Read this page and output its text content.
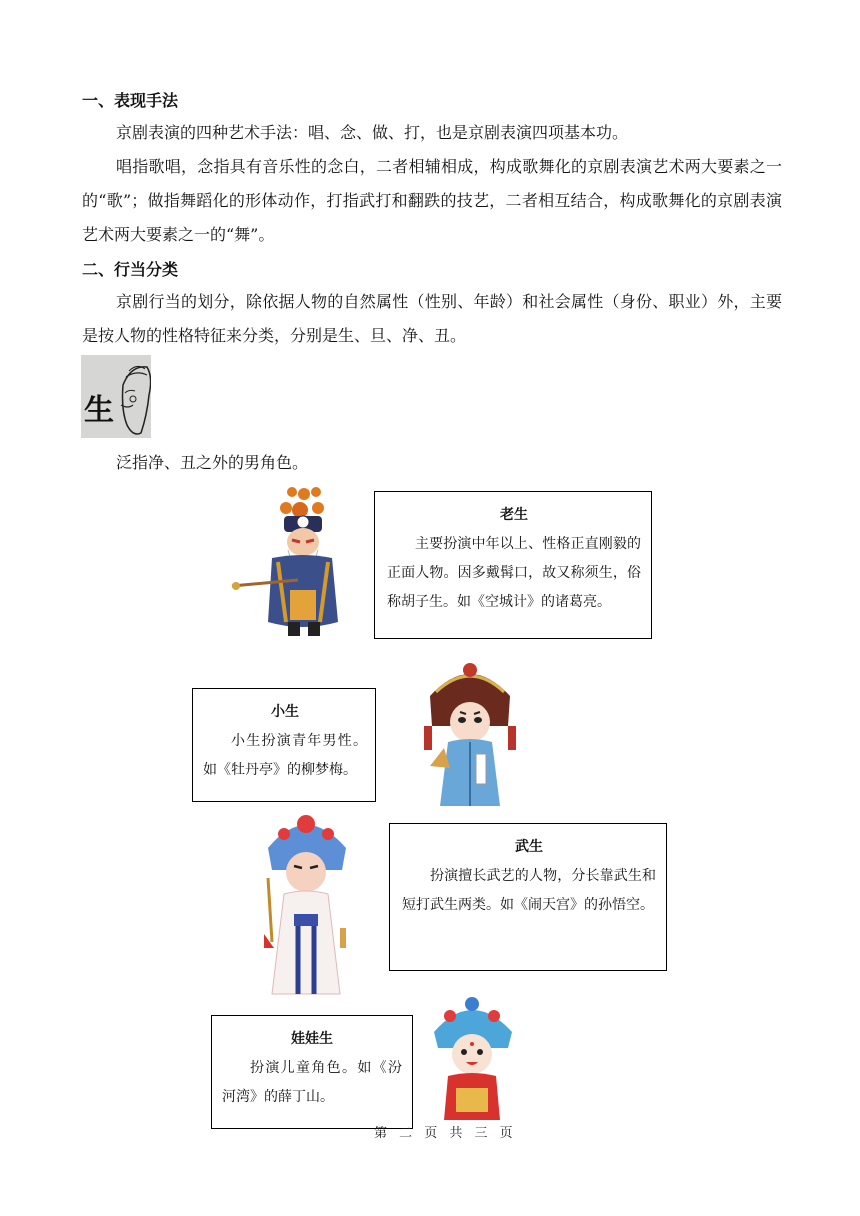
一、表现手法

京剧表演的四种艺术手法：唱、念、做、打，也是京剧表演四项基本功。

唱指歌唱，念指具有音乐性的念白，二者相辅相成，构成歌舞化的京剧表演艺术两大要素之一的“歌”；做指舞蹈化的形体动作，打指武打和翻跌的技艺，二者相互结合，构成歌舞化的京剧表演艺术两大要素之一的“舞”。

二、行当分类

京剧行当的划分，除依据人物的自然属性（性别、年龄）和社会属性（身份、职业）外，主要是按人物的性格特征来分类，分别是生、旦、净、丑。

生

泛指净、丑之外的男角色。

老生

主要扮演中年以上、性格正直刚毅的正面人物。因多戴髯口，故又称须生，俗称胡子生。如《空城计》的诸葛亮。

小生

小生扮演青年男性。如《牡丹亭》的柳梦梅。

武生

扮演擅长武艺的人物，分长靠武生和短打武生两类。如《闹天宫》的孙悟空。

娃娃生

扮演儿童角色。如《汾河湾》的薛丁山。

第 二 页 共 三 页
